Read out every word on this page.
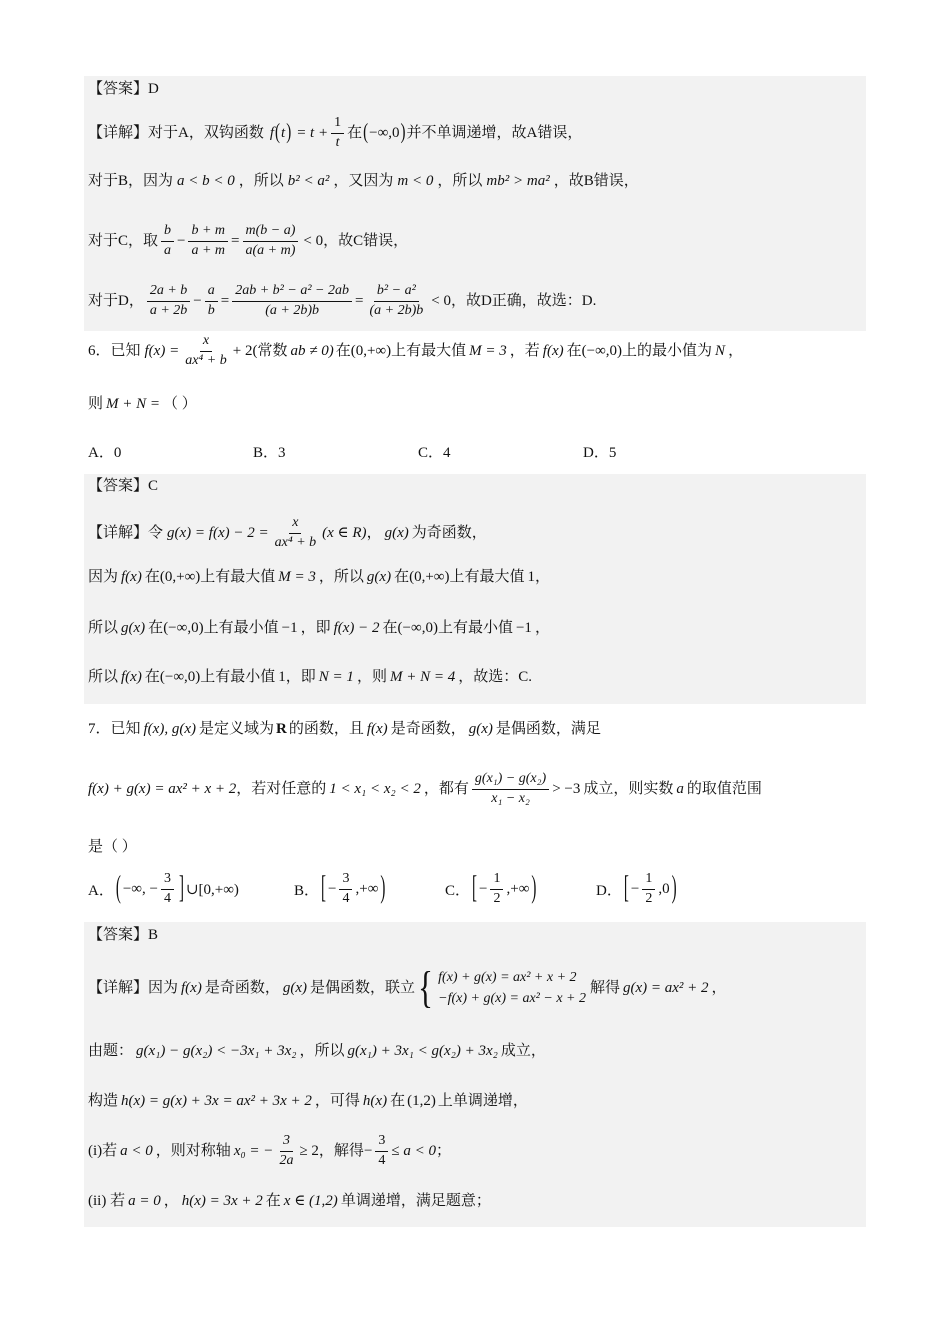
【答案】D
【详解】对于A，双钩函数 f ( t ) = $t + \frac{1}{t}$ 在 ( −∞,0 ) 并不单调递增，故A错误，
对于B，因为 a < b < 0 ，所以 b² < a² ，又因为 m < 0 ，所以 mb² > ma² ，故B错误，
对于C，取 $\frac{b}{a} - \frac{b + m}{a + m} = \frac{m(b - a)}{a(a + m)} < 0$ ，故C错误，
对于D， $\frac{2a + b}{a + 2b} - \frac{a}{b} = \frac{\text{2ab + b² − a² − 2ab}}{(a + 2b)b} = \frac{\text{b² − a²}}{(a + 2b)b} < 0$ ，故D正确，故选：D.
6．已知 $f(x) = \frac{x}{\text{ax⁴ + b}} + 2$( 常数 ab ≠ 0) 在 (0,+∞) 上有最大值 M = 3 ，若 f(x) 在 (−∞,0) 上的最小值为 N ，
则 M + N = （ ）
A．0	B．3	C．4	D．5
【答案】C
【详解】令 $g(x) = f(x) - 2 = \frac{x}{\text{ax⁴ + b}} (x$ ∈ R) ， g(x) 为奇函数，
因为 f(x) 在 (0,+∞) 上有最大值 M = 3 ，所以 g(x) 在 (0,+∞) 上有最大值 1 ，
所以 g(x) 在 (−∞,0) 上有最小值 −1 ，即 f(x) − 2 在 (−∞,0) 上有最小值 −1 ，
所以 f(x) 在 (−∞,0) 上有最小值 1 ，即 N = 1 ，则 M + N = 4 ，故选：C.
7．已知 f(x), g(x) 是定义域为 R 的函数，且 f(x) 是奇函数， g(x) 是偶函数，满足
f(x) + g(x) = ax² + x + 2 ，若对任意的 1 < x₁ < x₂ < 2 ，都有 $\frac{\text{g(x₁) − g(x₂)}}{\text{x₁ − x₂}} > -3$ 成立，则实数 a 的取值范围
是（ ）
A． ( −∞, − $\frac{3}{4}$ ] ∪[0,+∞)	B． [ − $\frac{3}{4}$ ,+∞ )	C． [ − $\frac{1}{2}$ ,+∞ )	D． [ − $\frac{1}{2} ,0$ )
【答案】B
【详解】因为 f(x) 是奇函数， g(x) 是偶函数，联立 { f(x) + g(x) = ax² + x + 2
−f(x) + g(x) = ax² − x + 2
解得 g(x) = ax² + 2 ，
由题： g(x₁) − g(x₂) < −3x₁ + 3x₂ ，所以 g(x₁) + 3x₁ < g(x₂) + 3x₂ 成立，
构造 h(x) = g(x) + 3x = ax² + 3x + 2 ，可得 h(x) 在 (1,2) 上单调递增，
(i)若 a < 0 ，则对称轴 x₀ = − $\frac{3}{2a} \ge 2$ ，解得 − $\frac{3}{4} \le a < 0$ ；
(ii) 若 a = 0 ， h(x) = 3x + 2 在 x ∈ (1,2) 单调递增，满足题意；
